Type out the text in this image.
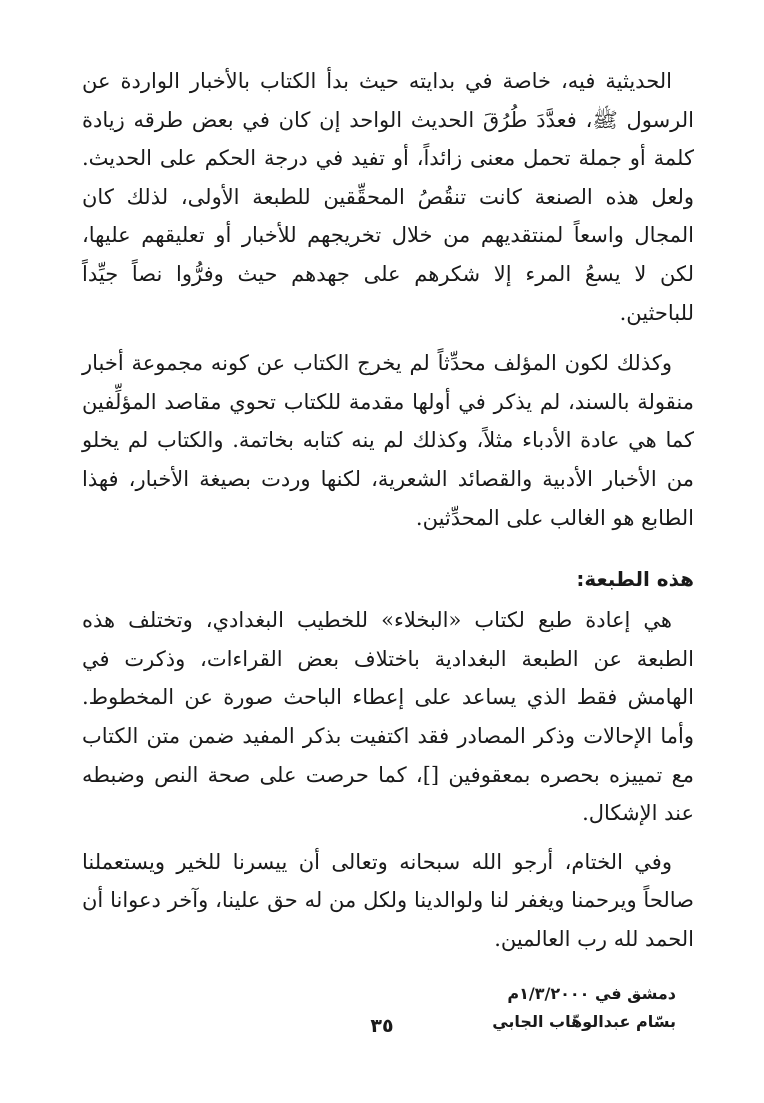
الحديثية فيه، خاصة في بدايته حيث بدأ الكتاب بالأخبار الواردة عن الرسول ﷺ، فعدَّدَ طُرُقَ الحديث الواحد إن كان في بعض طرقه زيادة كلمة أو جملة تحمل معنى زائداً، أو تفيد في درجة الحكم على الحديث. ولعل هذه الصنعة كانت تنقُصُ المحقِّقين للطبعة الأولى، لذلك كان المجال واسعاً لمنتقديهم من خلال تخريجهم للأخبار أو تعليقهم عليها، لكن لا يسعُ المرء إلا شكرهم على جهدهم حيث وفرُّوا نصاً جيِّداً للباحثين.

وكذلك لكون المؤلف محدِّثاً لم يخرج الكتاب عن كونه مجموعة أخبار منقولة بالسند، لم يذكر في أولها مقدمة للكتاب تحوي مقاصد المؤلِّفين كما هي عادة الأدباء مثلاً، وكذلك لم ينه كتابه بخاتمة. والكتاب لم يخلو من الأخبار الأدبية والقصائد الشعرية، لكنها وردت بصيغة الأخبار، فهذا الطابع هو الغالب على المحدِّثين.

هذه الطبعة:

هي إعادة طبع لكتاب «البخلاء» للخطيب البغدادي، وتختلف هذه الطبعة عن الطبعة البغدادية باختلاف بعض القراءات، وذكرت في الهامش فقط الذي يساعد على إعطاء الباحث صورة عن المخطوط. وأما الإحالات وذكر المصادر فقد اكتفيت بذكر المفيد ضمن متن الكتاب مع تمييزه بحصره بمعقوفين []، كما حرصت على صحة النص وضبطه عند الإشكال.

وفي الختام، أرجو الله سبحانه وتعالى أن ييسرنا للخير ويستعملنا صالحاً ويرحمنا ويغفر لنا ولوالدينا ولكل من له حق علينا، وآخر دعوانا أن الحمد لله رب العالمين.

دمشق في ١/٣/٢٠٠٠م
بسّام عبدالوهّاب الجابي
٣٥
